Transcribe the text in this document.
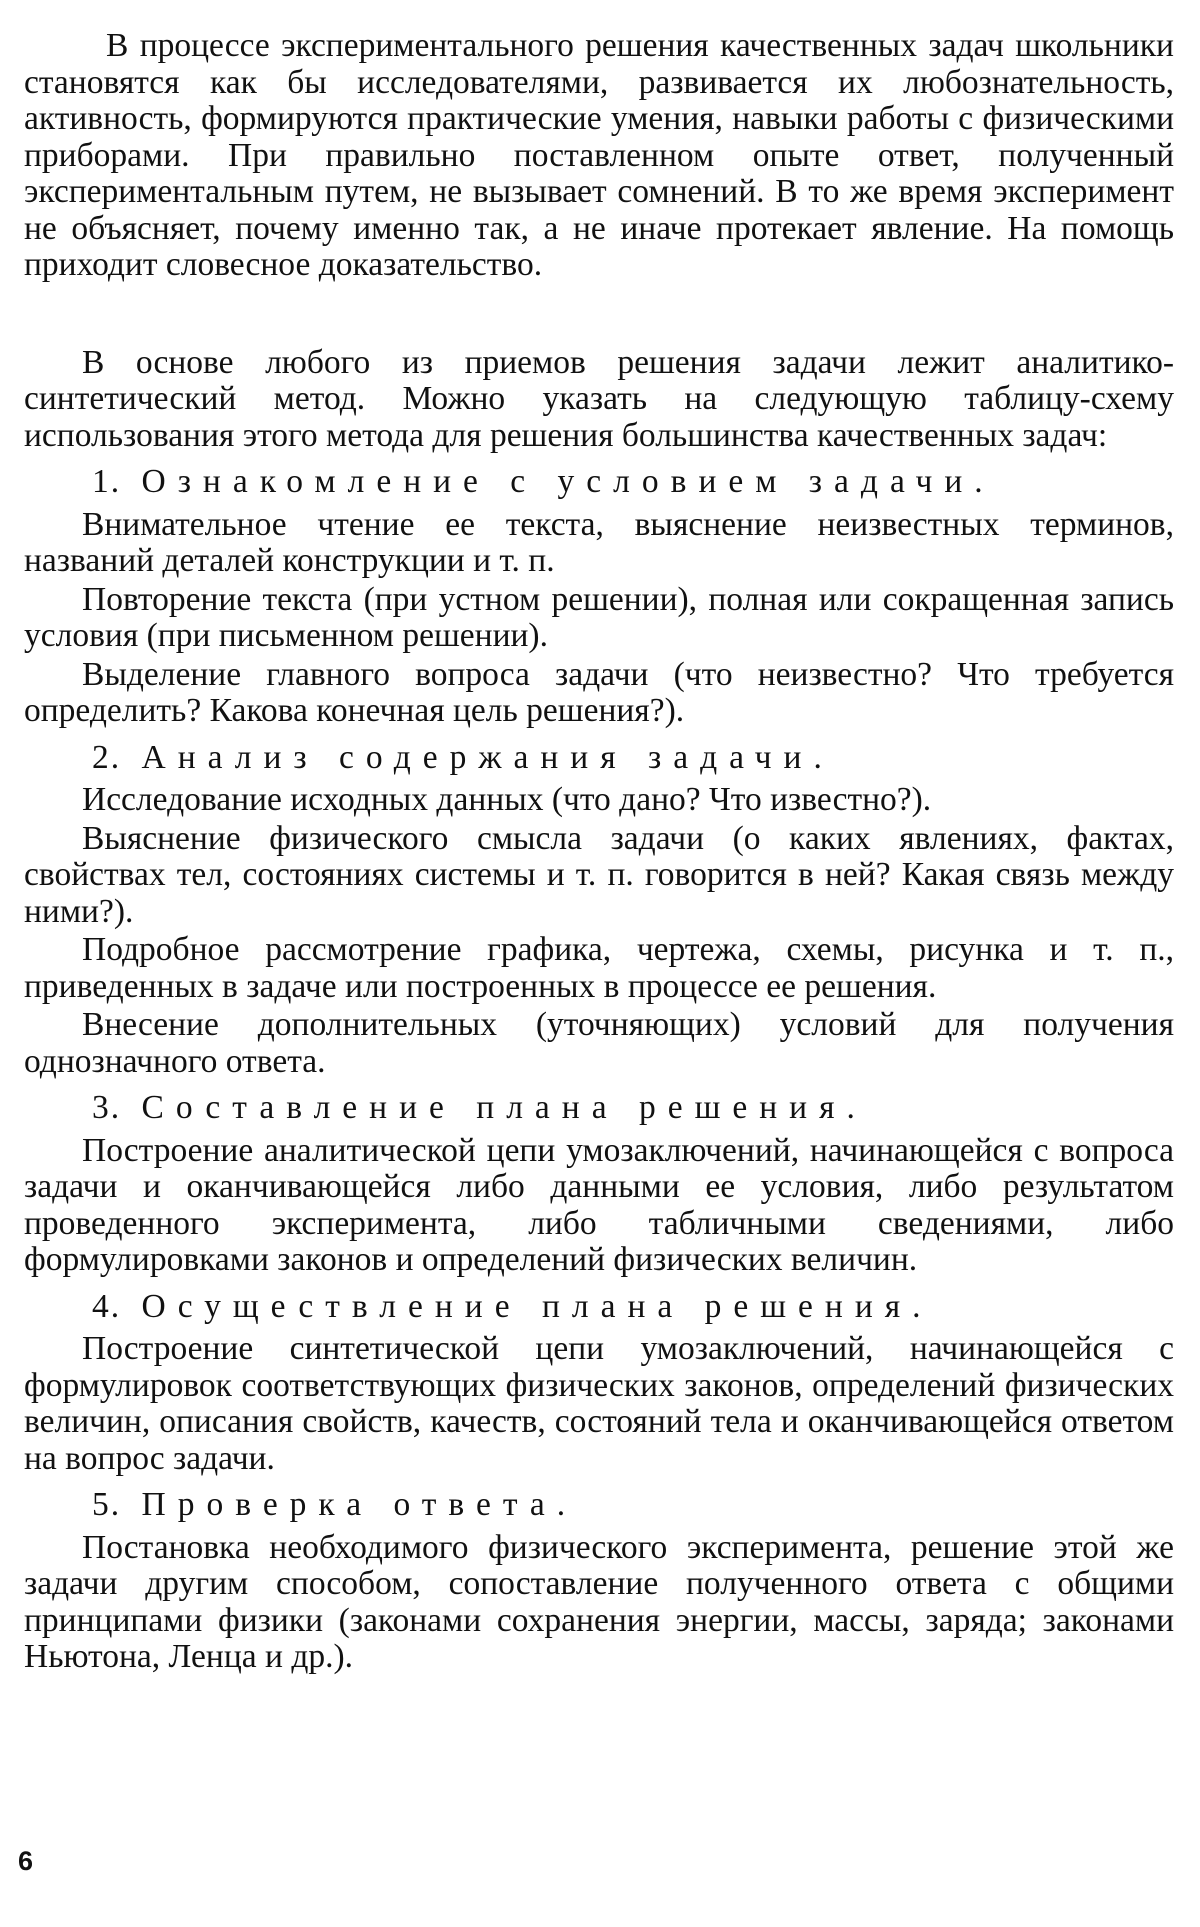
В процессе экспериментального решения качественных задач школьники становятся как бы исследователями, развивается их любознательность, активность, формируются практические умения, навыки работы с физическими приборами. При правильно поставленном опыте ответ, полученный экспериментальным путем, не вызывает сомнений. В то же время эксперимент не объясняет, почему именно так, а не иначе протекает явление. На помощь приходит словесное доказательство.

В основе любого из приемов решения задачи лежит аналитико-синтетический метод. Можно указать на следующую таблицу-схему использования этого метода для решения большинства качественных задач:

1. Ознакомление с условием задачи.

Внимательное чтение ее текста, выяснение неизвестных терминов, названий деталей конструкции и т. п.

Повторение текста (при устном решении), полная или сокращенная запись условия (при письменном решении).

Выделение главного вопроса задачи (что неизвестно? Что требуется определить? Какова конечная цель решения?).

2. Анализ содержания задачи.

Исследование исходных данных (что дано? Что известно?).

Выяснение физического смысла задачи (о каких явлениях, фактах, свойствах тел, состояниях системы и т. п. говорится в ней? Какая связь между ними?).

Подробное рассмотрение графика, чертежа, схемы, рисунка и т. п., приведенных в задаче или построенных в процессе ее решения.

Внесение дополнительных (уточняющих) условий для получения однозначного ответа.

3. Составление плана решения.

Построение аналитической цепи умозаключений, начинающейся с вопроса задачи и оканчивающейся либо данными ее условия, либо результатом проведенного эксперимента, либо табличными сведениями, либо формулировками законов и определений физических величин.

4. Осуществление плана решения.

Построение синтетической цепи умозаключений, начинающейся с формулировок соответствующих физических законов, определений физических величин, описания свойств, качеств, состояний тела и оканчивающейся ответом на вопрос задачи.

5. Проверка ответа.

Постановка необходимого физического эксперимента, решение этой же задачи другим способом, сопоставление полученного ответа с общими принципами физики (законами сохранения энергии, массы, заряда; законами Ньютона, Ленца и др.).

6
